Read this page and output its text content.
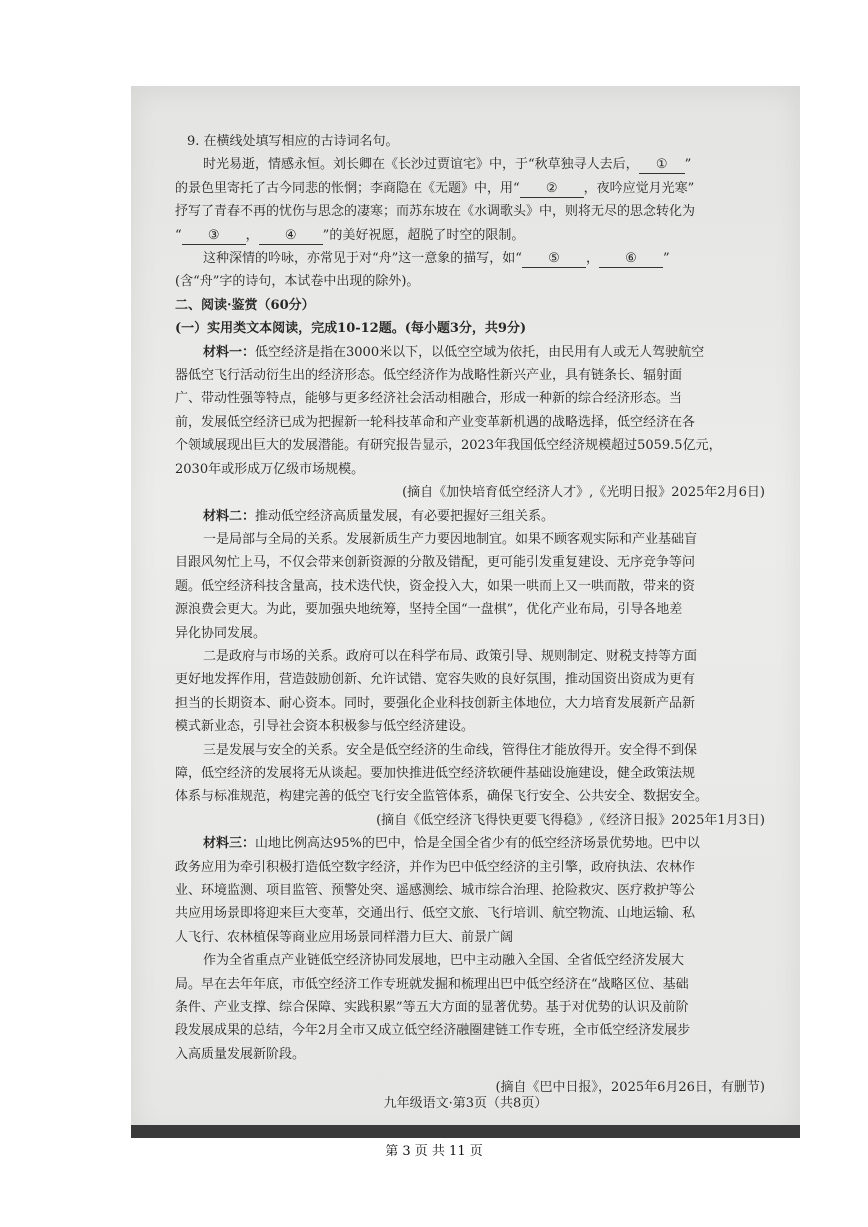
9. 在横线处填写相应的古诗词名句。
时光易逝，情感永恒。刘长卿在《长沙过贾谊宅》中，于“秋草独寻人去后， ① ”
的景色里寄托了古今同悲的怅惘；李商隐在《无题》中，用“ ② ，夜吟应觉月光寒”
抒写了青春不再的忧伤与思念的凄寒；而苏东坡在《水调歌头》中，则将无尽的思念转化为
“ ③ ， ④ ”的美好祝愿，超脱了时空的限制。
这种深情的吟咏，亦常见于对“舟”这一意象的描写，如“ ⑤ ， ⑥ ”
(含“舟”字的诗句，本试卷中出现的除外)。
二、阅读·鉴赏（60分）
(一）实用类文本阅读，完成10-12题。(每小题3分，共9分)
材料一：低空经济是指在3000米以下，以低空空域为依托，由民用有人或无人驾驶航空
器低空飞行活动衍生出的经济形态。低空经济作为战略性新兴产业，具有链条长、辐射面
广、带动性强等特点，能够与更多经济社会活动相融合，形成一种新的综合经济形态。当
前，发展低空经济已成为把握新一轮科技革命和产业变革新机遇的战略选择，低空经济在各
个领域展现出巨大的发展潜能。有研究报告显示，2023年我国低空经济规模超过5059.5亿元，
2030年或形成万亿级市场规模。
(摘自《加快培育低空经济人才》,《光明日报》2025年2月6日)
材料二：推动低空经济高质量发展，有必要把握好三组关系。
一是局部与全局的关系。发展新质生产力要因地制宜。如果不顾客观实际和产业基础盲
目跟风匆忙上马，不仅会带来创新资源的分散及错配，更可能引发重复建设、无序竞争等问
题。低空经济科技含量高，技术迭代快，资金投入大，如果一哄而上又一哄而散，带来的资
源浪费会更大。为此，要加强央地统筹，坚持全国“一盘棋”，优化产业布局，引导各地差
异化协同发展。
二是政府与市场的关系。政府可以在科学布局、政策引导、规则制定、财税支持等方面
更好地发挥作用，营造鼓励创新、允许试错、宽容失败的良好氛围，推动国资出资成为更有
担当的长期资本、耐心资本。同时，要强化企业科技创新主体地位，大力培育发展新产品新
模式新业态，引导社会资本积极参与低空经济建设。
三是发展与安全的关系。安全是低空经济的生命线，管得住才能放得开。安全得不到保
障，低空经济的发展将无从谈起。要加快推进低空经济软硬件基础设施建设，健全政策法规
体系与标准规范，构建完善的低空飞行安全监管体系，确保飞行安全、公共安全、数据安全。
(摘自《低空经济飞得快更要飞得稳》,《经济日报》2025年1月3日)
材料三：山地比例高达95%的巴中，恰是全国全省少有的低空经济场景优势地。巴中以
政务应用为牵引积极打造低空数字经济，并作为巴中低空经济的主引擎，政府执法、农林作
业、环境监测、项目监管、预警处突、遥感测绘、城市综合治理、抢险救灾、医疗救护等公
共应用场景即将迎来巨大变革，交通出行、低空文旅、飞行培训、航空物流、山地运输、私
人飞行、农林植保等商业应用场景同样潜力巨大、前景广阔
作为全省重点产业链低空经济协同发展地，巴中主动融入全国、全省低空经济发展大
局。早在去年年底，市低空经济工作专班就发掘和梳理出巴中低空经济在“战略区位、基础
条件、产业支撑、综合保障、实践积累”等五大方面的显著优势。基于对优势的认识及前阶
段发展成果的总结，今年2月全市又成立低空经济融圈建链工作专班，全市低空经济发展步
入高质量发展新阶段。
(摘自《巴中日报》，2025年6月26日，有删节)
九年级语文·第3页（共8页）
第 3 页 共 11 页
